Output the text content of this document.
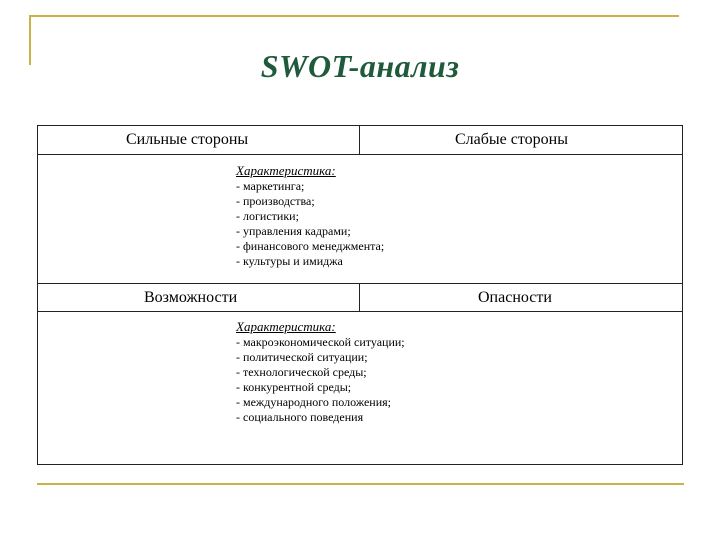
SWOT-анализ
Сильные стороны	Слабые стороны
Характеристика:
- маркетинга;
- производства;
- логистики;
- управления кадрами;
- финансового менеджмента;
- культуры и имиджа
Возможности	Опасности
Характеристика:
- макроэкономической ситуации;
- политической ситуации;
- технологической среды;
- конкурентной среды;
- международного положения;
- социального поведения
